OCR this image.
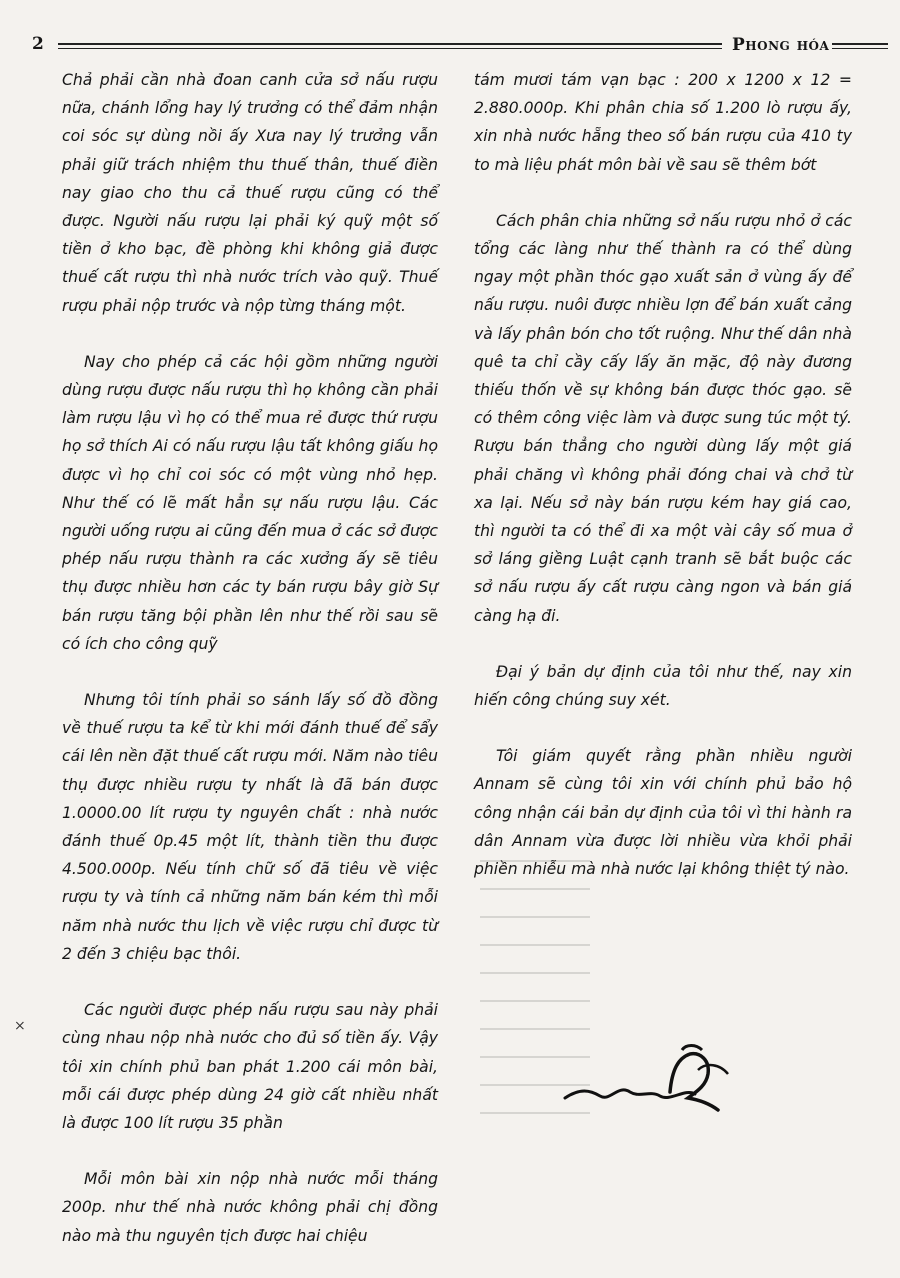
2	Phong hóa

Chả phải cần nhà đoan canh cửa sở nấu rượu nữa, chánh lổng hay lý trưởng có thể đảm nhận coi sóc sự dùng nồi ấy Xưa nay lý trưởng vẫn phải giữ trách nhiệm thu thuế thân, thuế điền nay giao cho thu cả thuế rượu cũng có thể được. Người nấu rượu lại phải ký quỹ một số tiền ở kho bạc, đề phòng khi không giả được thuế cất rượu thì nhà nước trích vào quỹ. Thuế rượu phải nộp trước và nộp từng tháng một.

Nay cho phép cả các hội gồm những người dùng rượu được nấu rượu thì họ không cần phải làm rượu lậu vì họ có thể mua rẻ được thứ rượu họ sở thích Ai có nấu rượu lậu tất không giấu họ được vì họ chỉ coi sóc có một vùng nhỏ hẹp. Như thế có lẽ mất hẳn sự nấu rượu lậu. Các người uống rượu ai cũng đến mua ở các sở được phép nấu rượu thành ra các xưởng ấy sẽ tiêu thụ được nhiều hơn các ty bán rượu bây giờ Sự bán rượu tăng bội phần lên như thế rồi sau sẽ có ích cho công quỹ

Nhưng tôi tính phải so sánh lấy số đồ đồng về thuế rượu ta kể từ khi mới đánh thuế để sẩy cái lên nền đặt thuế cất rượu mới. Năm nào tiêu thụ được nhiều rượu ty nhất là đã bán được 1.0000.00 lít rượu ty nguyên chất : nhà nước đánh thuế 0p.45 một lít, thành tiền thu được 4.500.000p. Nếu tính chữ số đã tiêu về việc rượu ty và tính cả những năm bán kém thì mỗi năm nhà nước thu lịch về việc rượu chỉ được từ 2 đến 3 chiệu bạc thôi.

Các người được phép nấu rượu sau này phải cùng nhau nộp nhà nước cho đủ số tiền ấy. Vậy tôi xin chính phủ ban phát 1.200 cái môn bài, mỗi cái được phép dùng 24 giờ cất nhiều nhất là được 100 lít rượu 35 phần

Mỗi môn bài xin nộp nhà nước mỗi tháng 200p. như thế nhà nước không phải chị đồng nào mà thu nguyên tịch được hai chiệu

tám mươi tám vạn bạc : 200 x 1200 x 12 = 2.880.000p. Khi phân chia số 1.200 lò rượu ấy, xin nhà nước hẵng theo số bán rượu của 410 ty to mà liệu phát môn bài về sau sẽ thêm bớt

Cách phân chia những sở nấu rượu nhỏ ở các tổng các làng như thế thành ra có thể dùng ngay một phần thóc gạo xuất sản ở vùng ấy để nấu rượu. nuôi được nhiều lợn để bán xuất cảng và lấy phân bón cho tốt ruộng. Như thế dân nhà quê ta chỉ cầy cấy lấy ăn mặc, độ này đương thiếu thốn về sự không bán được thóc gạo. sẽ có thêm công việc làm và được sung túc một tý. Rượu bán thẳng cho người dùng lấy một giá phải chăng vì không phải đóng chai và chở từ xa lại. Nếu sở này bán rượu kém hay giá cao, thì người ta có thể đi xa một vài cây số mua ở sở láng giềng Luật cạnh tranh sẽ bắt buộc các sở nấu rượu ấy cất rượu càng ngon và bán giá càng hạ đi.

Đại ý bản dự định của tôi như thế, nay xin hiến công chúng suy xét.

Tôi giám quyết rằng phần nhiều người Annam sẽ cùng tôi xin với chính phủ bảo hộ công nhận cái bản dự định của tôi vì thi hành ra dân Annam vừa được lời nhiều vừa khỏi phải phiền nhiễu mà nhà nước lại không thiệt tý nào.

×
